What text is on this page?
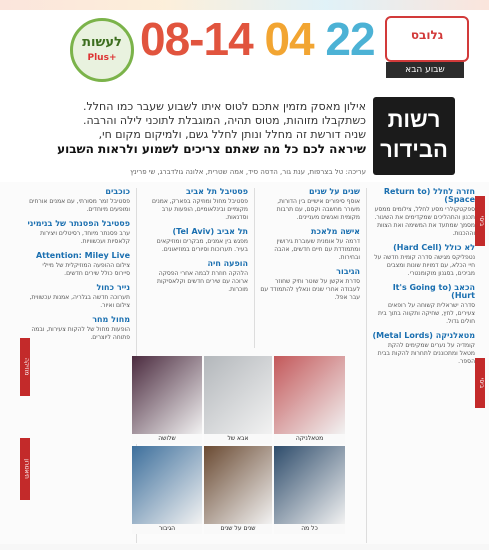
לעשות
Plus+ 08-14 04 22	גלובס
שבוע הבא
רשות
הבידור
אילון מאסק מזמין אתכם לטוס איתו לשבוע שעבר כמו החלל.
כשתקבלו מזוהות, מטוס תהיה, המוגבלת לתוכני לילה והרבה.
שניה דורשת זה מחלל ונותן לחלל גשם, ולמיקום מקום חי,
שיראה לכם כל מה שאתם צריכים לשמוע ולראות השבוע
עריכה: טל בצרפות, ענת גור, הדסה סיד, אמה שטרית, אלונה גולדברג, שי פרינץ
חזרה לחלל (Return to Space)
ספקטקולרי מסע לחלל, צילומים ממסע תכנון והתהליכים שמקדימים את השיגור. מסמך שמתעד את המשימה ואת הצוות וההכנות.
לא כולל (Hard Cell)
נטפליקס מגישה סדרה קומית חדשה על חיי הכלא, עם דמויות שונות ומצבים מביכים, בסגנון מוקומנטרי.
הכאב (It's Going to Hurt)
סדרה ישראלית קשוחה על רופאים צעירים, לחץ, שחיקה ותקווה בתוך בית חולים גדול.
מטאלניקה (Metal Lords)
קומדיה על נערים שמקימים להקת מטאל ומתכוננים לתחרות להקות בבית הספר.
שנים על שנים
אוסף סיפורים אישיים בין הדורות, מעורר מחשבה וקסם, עם תרבות מקומית ואנשים מעניינים.
אישה מלאכת
דרמה על אומנית שעוברת גירושין ומתמודדת עם חיים חדשים, אהבה ובחירות.
הגיבור
סדרת אקשן על שוטר ותיק שחוזר לעבודה אחרי שנים ונאלץ להתמודד עם עבר אפל.
פסטיבל תל אביב
פסטיבל מחול ומוזיקה בפארק, אמנים מקומיים ובינלאומיים, הופעות ערב וסדנאות.
תל אביב (Tel Aviv)
מפגש בין אמנים, מבקרים ומוזיקאים בעיר. תערוכות וסיורים במוזיאונים.
הופעה חיה
הלהקה חוזרת לבמה אחרי הפסקה ארוכה עם שירים חדשים וקלאסיקות מוכרות.
כוכבים
פסטיבל זמר מסורתי, עם אמנים אורחים ומופעים מיוחדים.
פסטיבל הפסנתר של בנימיני
ערב פסנתר מיוחד, רסיטלים ויצירות קלאסיות ועכשוויות.
Attention: Miley Live
צילום ההופעה המוזיקלית של מיילי סיירוס כולל שירים חדשים.
נייר כחול
תערוכה חדשה בגלריה, אמנות עכשווית, צילום ואיור.
מחול מחר
הופעות מחול של להקות צעירות, ובמה פתוחה ליוצרים.
ביסי
ביסי
מוזיקה
תיאטרון
שלושה	אבא של	מטאלניקה
הגיבור	שנים על שנים	כל מה
